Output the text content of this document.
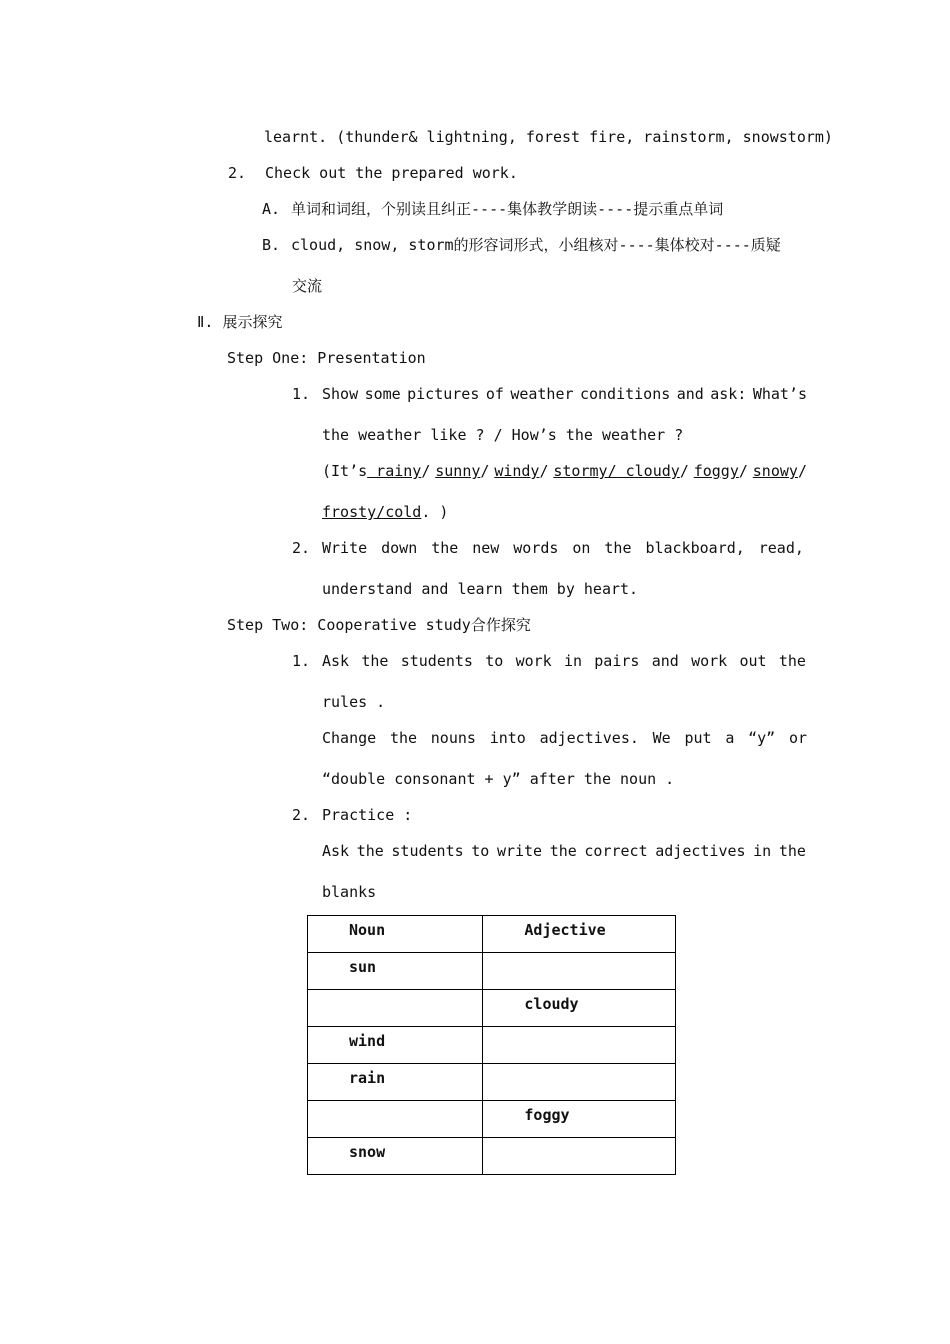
learnt. (thunder& lightning, forest fire, rainstorm, snowstorm)
2. Check out the prepared work.
A. 单词和词组，个别读且纠正----集体教学朗读----提示重点单词
B. cloud, snow, storm的形容词形式，小组核对----集体校对----质疑
交流
Ⅱ. 展示探究
Step One: Presentation
1. Show some pictures of weather conditions and ask: What’s
the weather like ? / How’s the weather ?
(It’s rainy/ sunny/ windy/ stormy/ cloudy/ foggy/ snowy/
frosty/cold. )
2. Write down the new words on the blackboard, read,
understand and learn them by heart.
Step Two: Cooperative study合作探究
1. Ask the students to work in pairs and work out the
rules .
Change the nouns into adjectives. We put a “y” or
“double consonant + y” after the noun .
2. Practice :
Ask the students to write the correct adjectives in the
blanks
Noun	Adjective
sun	
	cloudy
wind	
rain	
	foggy
snow	
